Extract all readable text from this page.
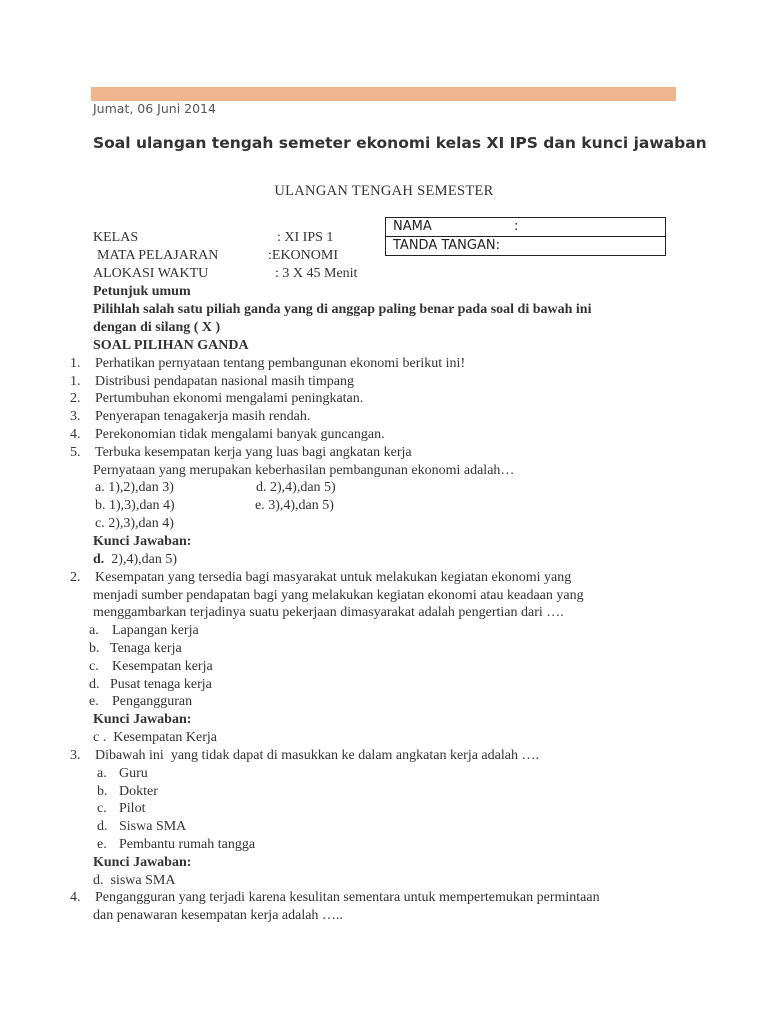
Jumat, 06 Juni 2014
Soal ulangan tengah semeter ekonomi kelas XI IPS dan kunci jawaban
ULANGAN TENGAH SEMESTER
KELAS	: XI IPS 1
MATA PELAJARAN	:EKONOMI
ALOKASI WAKTU	: 3 X 45 Menit
NAMA	:
TANDA TANGAN:
Petunjuk umum
Pilihlah salah satu piliah ganda yang di anggap paling benar pada soal di bawah ini
dengan di silang ( X )
SOAL PILIHAN GANDA
1. Perhatikan pernyataan tentang pembangunan ekonomi berikut ini!
1. Distribusi pendapatan nasional masih timpang
2. Pertumbuhan ekonomi mengalami peningkatan.
3. Penyerapan tenagakerja masih rendah.
4. Perekonomian tidak mengalami banyak guncangan.
5. Terbuka kesempatan kerja yang luas bagi angkatan kerja
Pernyataan yang merupakan keberhasilan pembangunan ekonomi adalah…
a. 1),2),dan 3)	d. 2),4),dan 5)
b. 1),3),dan 4)	e. 3),4),dan 5)
c. 2),3),dan 4)
Kunci Jawaban:
d.  2),4),dan 5)
2. Kesempatan yang tersedia bagi masyarakat untuk melakukan kegiatan ekonomi yang
menjadi sumber pendapatan bagi yang melakukan kegiatan ekonomi atau keadaan yang
menggambarkan terjadinya suatu pekerjaan dimasyarakat adalah pengertian dari ….
a. Lapangan kerja
b. Tenaga kerja
c. Kesempatan kerja
d. Pusat tenaga kerja
e. Pengangguran
Kunci Jawaban:
c .  Kesempatan Kerja
3. Dibawah ini  yang tidak dapat di masukkan ke dalam angkatan kerja adalah ….
a. Guru
b. Dokter
c. Pilot
d. Siswa SMA
e. Pembantu rumah tangga
Kunci Jawaban:
d.  siswa SMA
4. Pengangguran yang terjadi karena kesulitan sementara untuk mempertemukan permintaan
dan penawaran kesempatan kerja adalah …..
